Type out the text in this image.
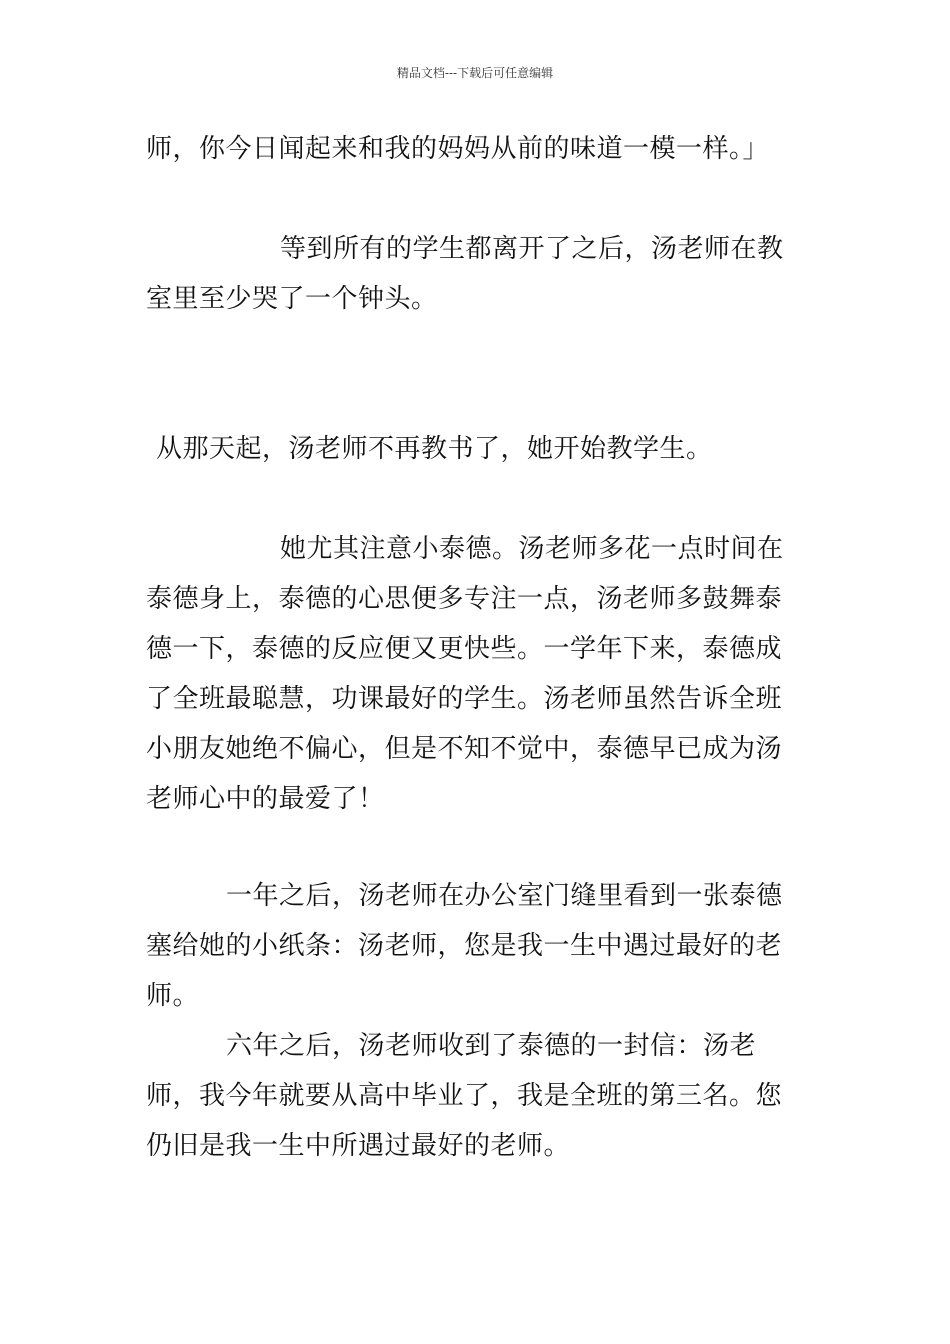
精品文档---下载后可任意编辑

师，你今日闻起来和我的妈妈从前的味道一模一样。」

等到所有的学生都离开了之后，汤老师在教室里至少哭了一个钟头。

从那天起，汤老师不再教书了，她开始教学生。

她尤其注意小泰德。汤老师多花一点时间在泰德身上，泰德的心思便多专注一点，汤老师多鼓舞泰德一下，泰德的反应便又更快些。一学年下来，泰德成了全班最聪慧，功课最好的学生。汤老师虽然告诉全班小朋友她绝不偏心，但是不知不觉中，泰德早已成为汤老师心中的最爱了！

一年之后，汤老师在办公室门缝里看到一张泰德塞给她的小纸条：汤老师，您是我一生中遇过最好的老师。

六年之后，汤老师收到了泰德的一封信：汤老师，我今年就要从高中毕业了，我是全班的第三名。您仍旧是我一生中所遇过最好的老师。
